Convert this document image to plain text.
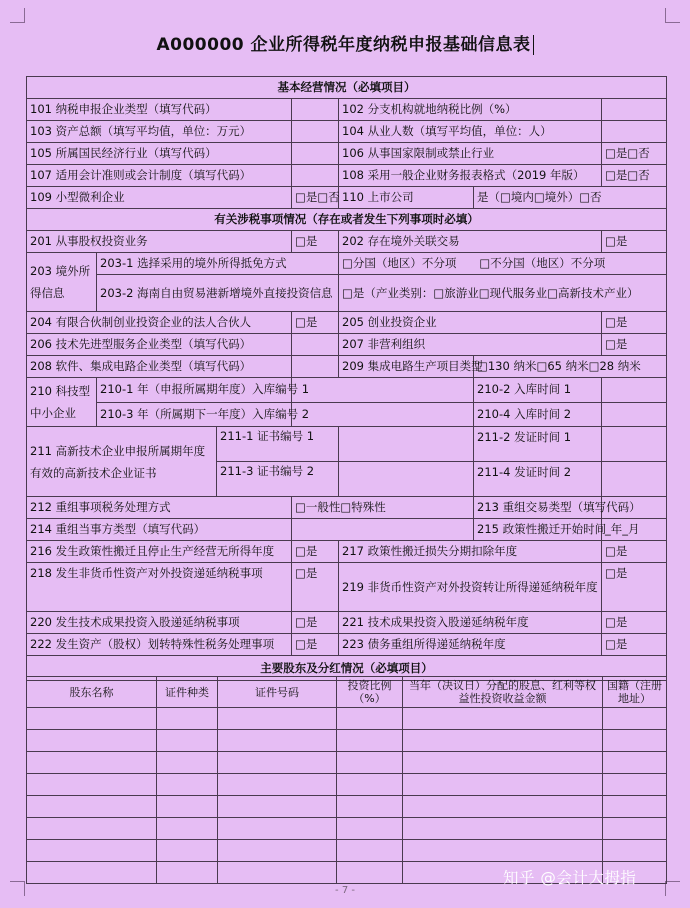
A000000 企业所得税年度纳税申报基础信息表
基本经营情况（必填项目）						
101 纳税申报企业类型（填写代码）				102 分支机构就地纳税比例（%）		
103 资产总额（填写平均值，单位：万元）				104 从业人数（填写平均值，单位：人）		
105 所属国民经济行业（填写代码）				106 从事国家限制或禁止行业		□是□否
107 适用会计准则或会计制度（填写代码）				108 采用一般企业财务报表格式（2019 年版）		□是□否
109 小型微利企业			□是□否	110 上市公司	是（□境内□境外）□否	
有关涉税事项情况（存在或者发生下列事项时必填）						
201 从事股权投资业务			□是	202 存在境外关联交易		□是
203 境外所得信息	203-1 选择采用的境外所得抵免方式			□分国（地区）不分项　　□不分国（地区）不分项		
	203-2 海南自由贸易港新增境外直接投资信息			□是（产业类别：□旅游业□现代服务业□高新技术产业）		
204 有限合伙制创业投资企业的法人合伙人			□是	205 创业投资企业		□是
206 技术先进型服务企业类型（填写代码）				207 非营利组织		□是
208 软件、集成电路企业类型（填写代码）				209 集成电路生产项目类型	□130 纳米□65 纳米□28 纳米	
210 科技型中小企业	210-1 年（申报所属期年度）入库编号 1				210-2 入库时间 1	
	210-3 年（所属期下一年度）入库编号 2				210-4 入库时间 2	
211 高新技术企业申报所属期年度有效的高新技术企业证书		211-1 证书编号 1			211-2 发证时间 1	
		211-3 证书编号 2			211-4 发证时间 2	
212 重组事项税务处理方式			□一般性□特殊性		213 重组交易类型（填写代码）	
214 重组当事方类型（填写代码）					215 政策性搬迁开始时间	_年_月
216 发生政策性搬迁且停止生产经营无所得年度			□是	217 政策性搬迁损失分期扣除年度		□是
218 发生非货币性资产对外投资递延纳税事项			□是	219 非货币性资产对外投资转让所得递延纳税年度		□是
220 发生技术成果投资入股递延纳税事项			□是	221 技术成果投资入股递延纳税年度		□是
222 发生资产（股权）划转特殊性税务处理事项			□是	223 债务重组所得递延纳税年度		□是
主要股东及分红情况（必填项目）						
股东名称	证件种类	证件号码	投资比例（%）	当年（决议日）分配的股息、红利等权益性投资收益金额	国籍（注册地址）

- 7 -
知乎 @会计大拇指
